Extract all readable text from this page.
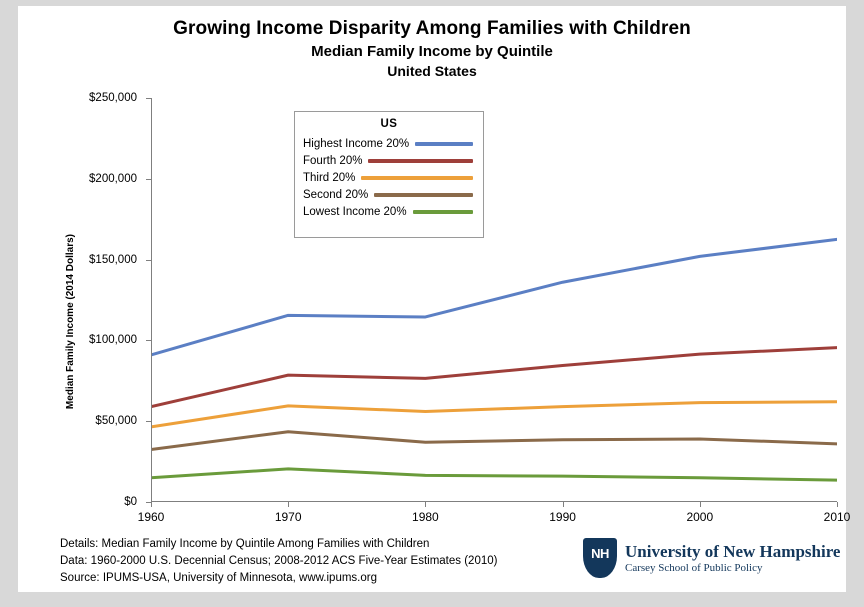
Growing Income Disparity Among Families with Children
Median Family Income by Quintile
United States
Median Family Income (2014 Dollars)
$0
$50,000
$100,000
$150,000
$200,000
$250,000
1960	1970	1980	1990	2000	2010
US
Highest Income 20%
Fourth 20%
Third 20%
Second 20%
Lowest Income 20%
Details: Median Family Income by Quintile Among Families with Children
Data: 1960-2000 U.S. Decennial Census; 2008-2012 ACS Five-Year Estimates (2010)
Source: IPUMS-USA, University of Minnesota, www.ipums.org
NH University of New Hampshire
Carsey School of Public Policy
